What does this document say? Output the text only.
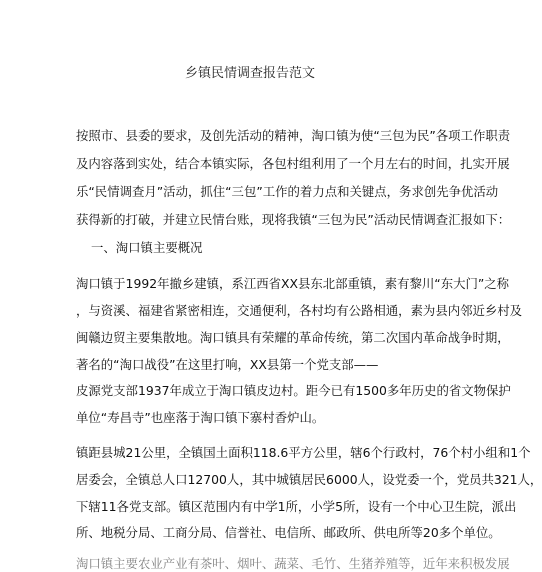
乡镇民情调查报告范文
按照市、县委的要求，及创先活动的精神，淘口镇为使“三包为民”各项工作职责
及内容落到实处，结合本镇实际，各包村组利用了一个月左右的时间，扎实开展
乐“民情调查月”活动，抓住“三包”工作的着力点和关键点，务求创先争优活动
获得新的打破，并建立民情台账，现将我镇“三包为民”活动民情调查汇报如下：
一、淘口镇主要概况
淘口镇于1992年撤乡建镇，系江西省XX县东北部重镇，素有黎川“东大门”之称
，与资溪、福建省紧密相连，交通便利，各村均有公路相通，素为县内邻近乡村及
闽赣边贸主要集散地。淘口镇具有荣耀的革命传统，第二次国内革命战争时期，
著名的“淘口战役”在这里打响，XX县第一个党支部——
皮源党支部1937年成立于淘口镇皮边村。距今已有1500多年历史的省文物保护
单位“寿昌寺”也座落于淘口镇下寨村香炉山。
镇距县城21公里，全镇国土面积118.6平方公里，辖6个行政村，76个村小组和1个
居委会，全镇总人口12700人，其中城镇居民6000人，设党委一个，党员共321人，
下辖11各党支部。镇区范围内有中学1所，小学5所，设有一个中心卫生院，派出
所、地税分局、工商分局、信誉社、电信所、邮政所、供电所等20多个单位。
淘口镇主要农业产业有茶叶、烟叶、蔬菜、毛竹、生猪养殖等，近年来积极发展
